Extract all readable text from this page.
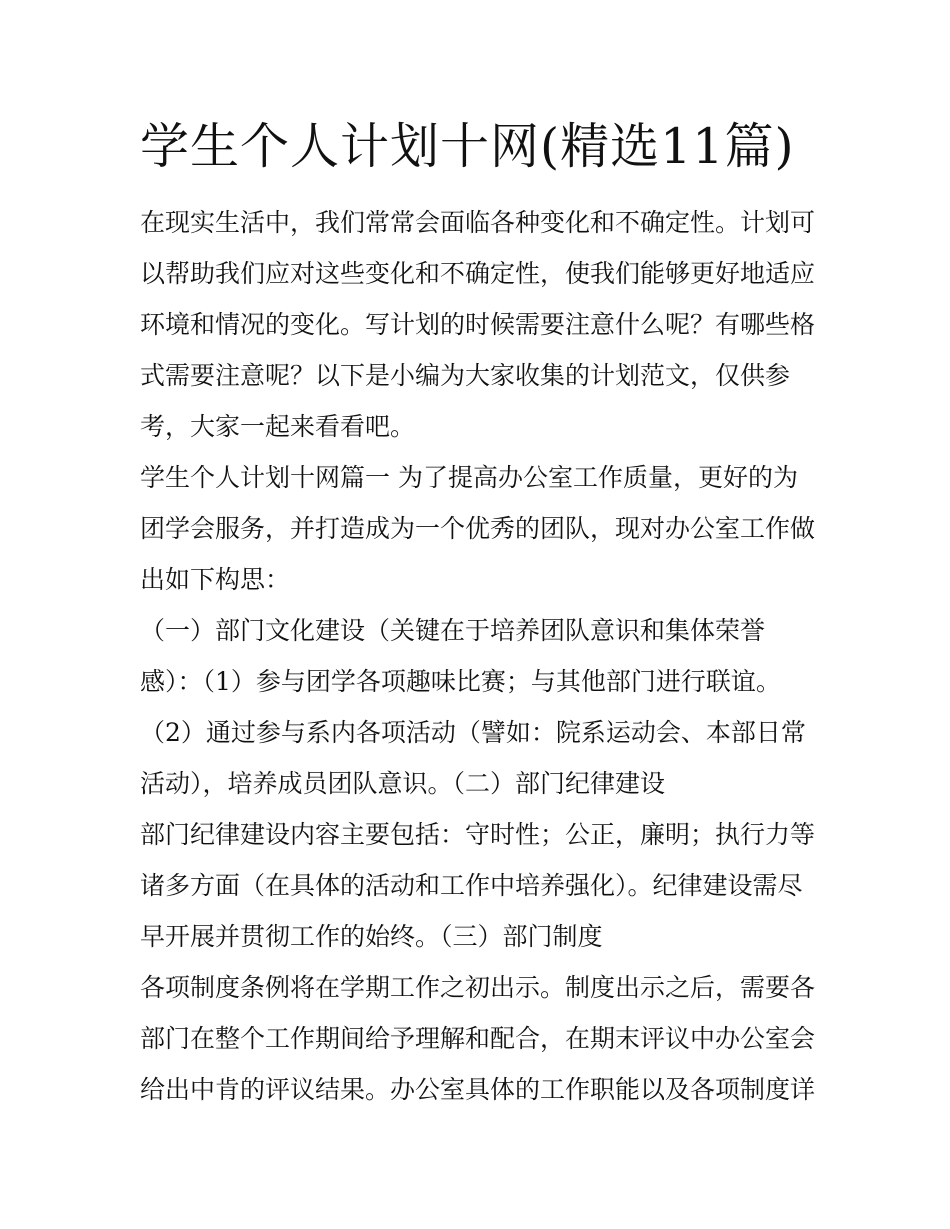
学生个人计划十网(精选11篇)
在现实生活中，我们常常会面临各种变化和不确定性。计划可
以帮助我们应对这些变化和不确定性，使我们能够更好地适应
环境和情况的变化。写计划的时候需要注意什么呢？有哪些格
式需要注意呢？以下是小编为大家收集的计划范文，仅供参
考，大家一起来看看吧。
学生个人计划十网篇一 为了提高办公室工作质量，更好的为
团学会服务，并打造成为一个优秀的团队，现对办公室工作做
出如下构思：
（一）部门文化建设（关键在于培养团队意识和集体荣誉
感）：（1）参与团学各项趣味比赛；与其他部门进行联谊。
（2）通过参与系内各项活动（譬如：院系运动会、本部日常
活动），培养成员团队意识。（二）部门纪律建设
部门纪律建设内容主要包括：守时性；公正，廉明；执行力等
诸多方面（在具体的活动和工作中培养强化）。纪律建设需尽
早开展并贯彻工作的始终。（三）部门制度
各项制度条例将在学期工作之初出示。制度出示之后，需要各
部门在整个工作期间给予理解和配合，在期末评议中办公室会
给出中肯的评议结果。办公室具体的工作职能以及各项制度详
